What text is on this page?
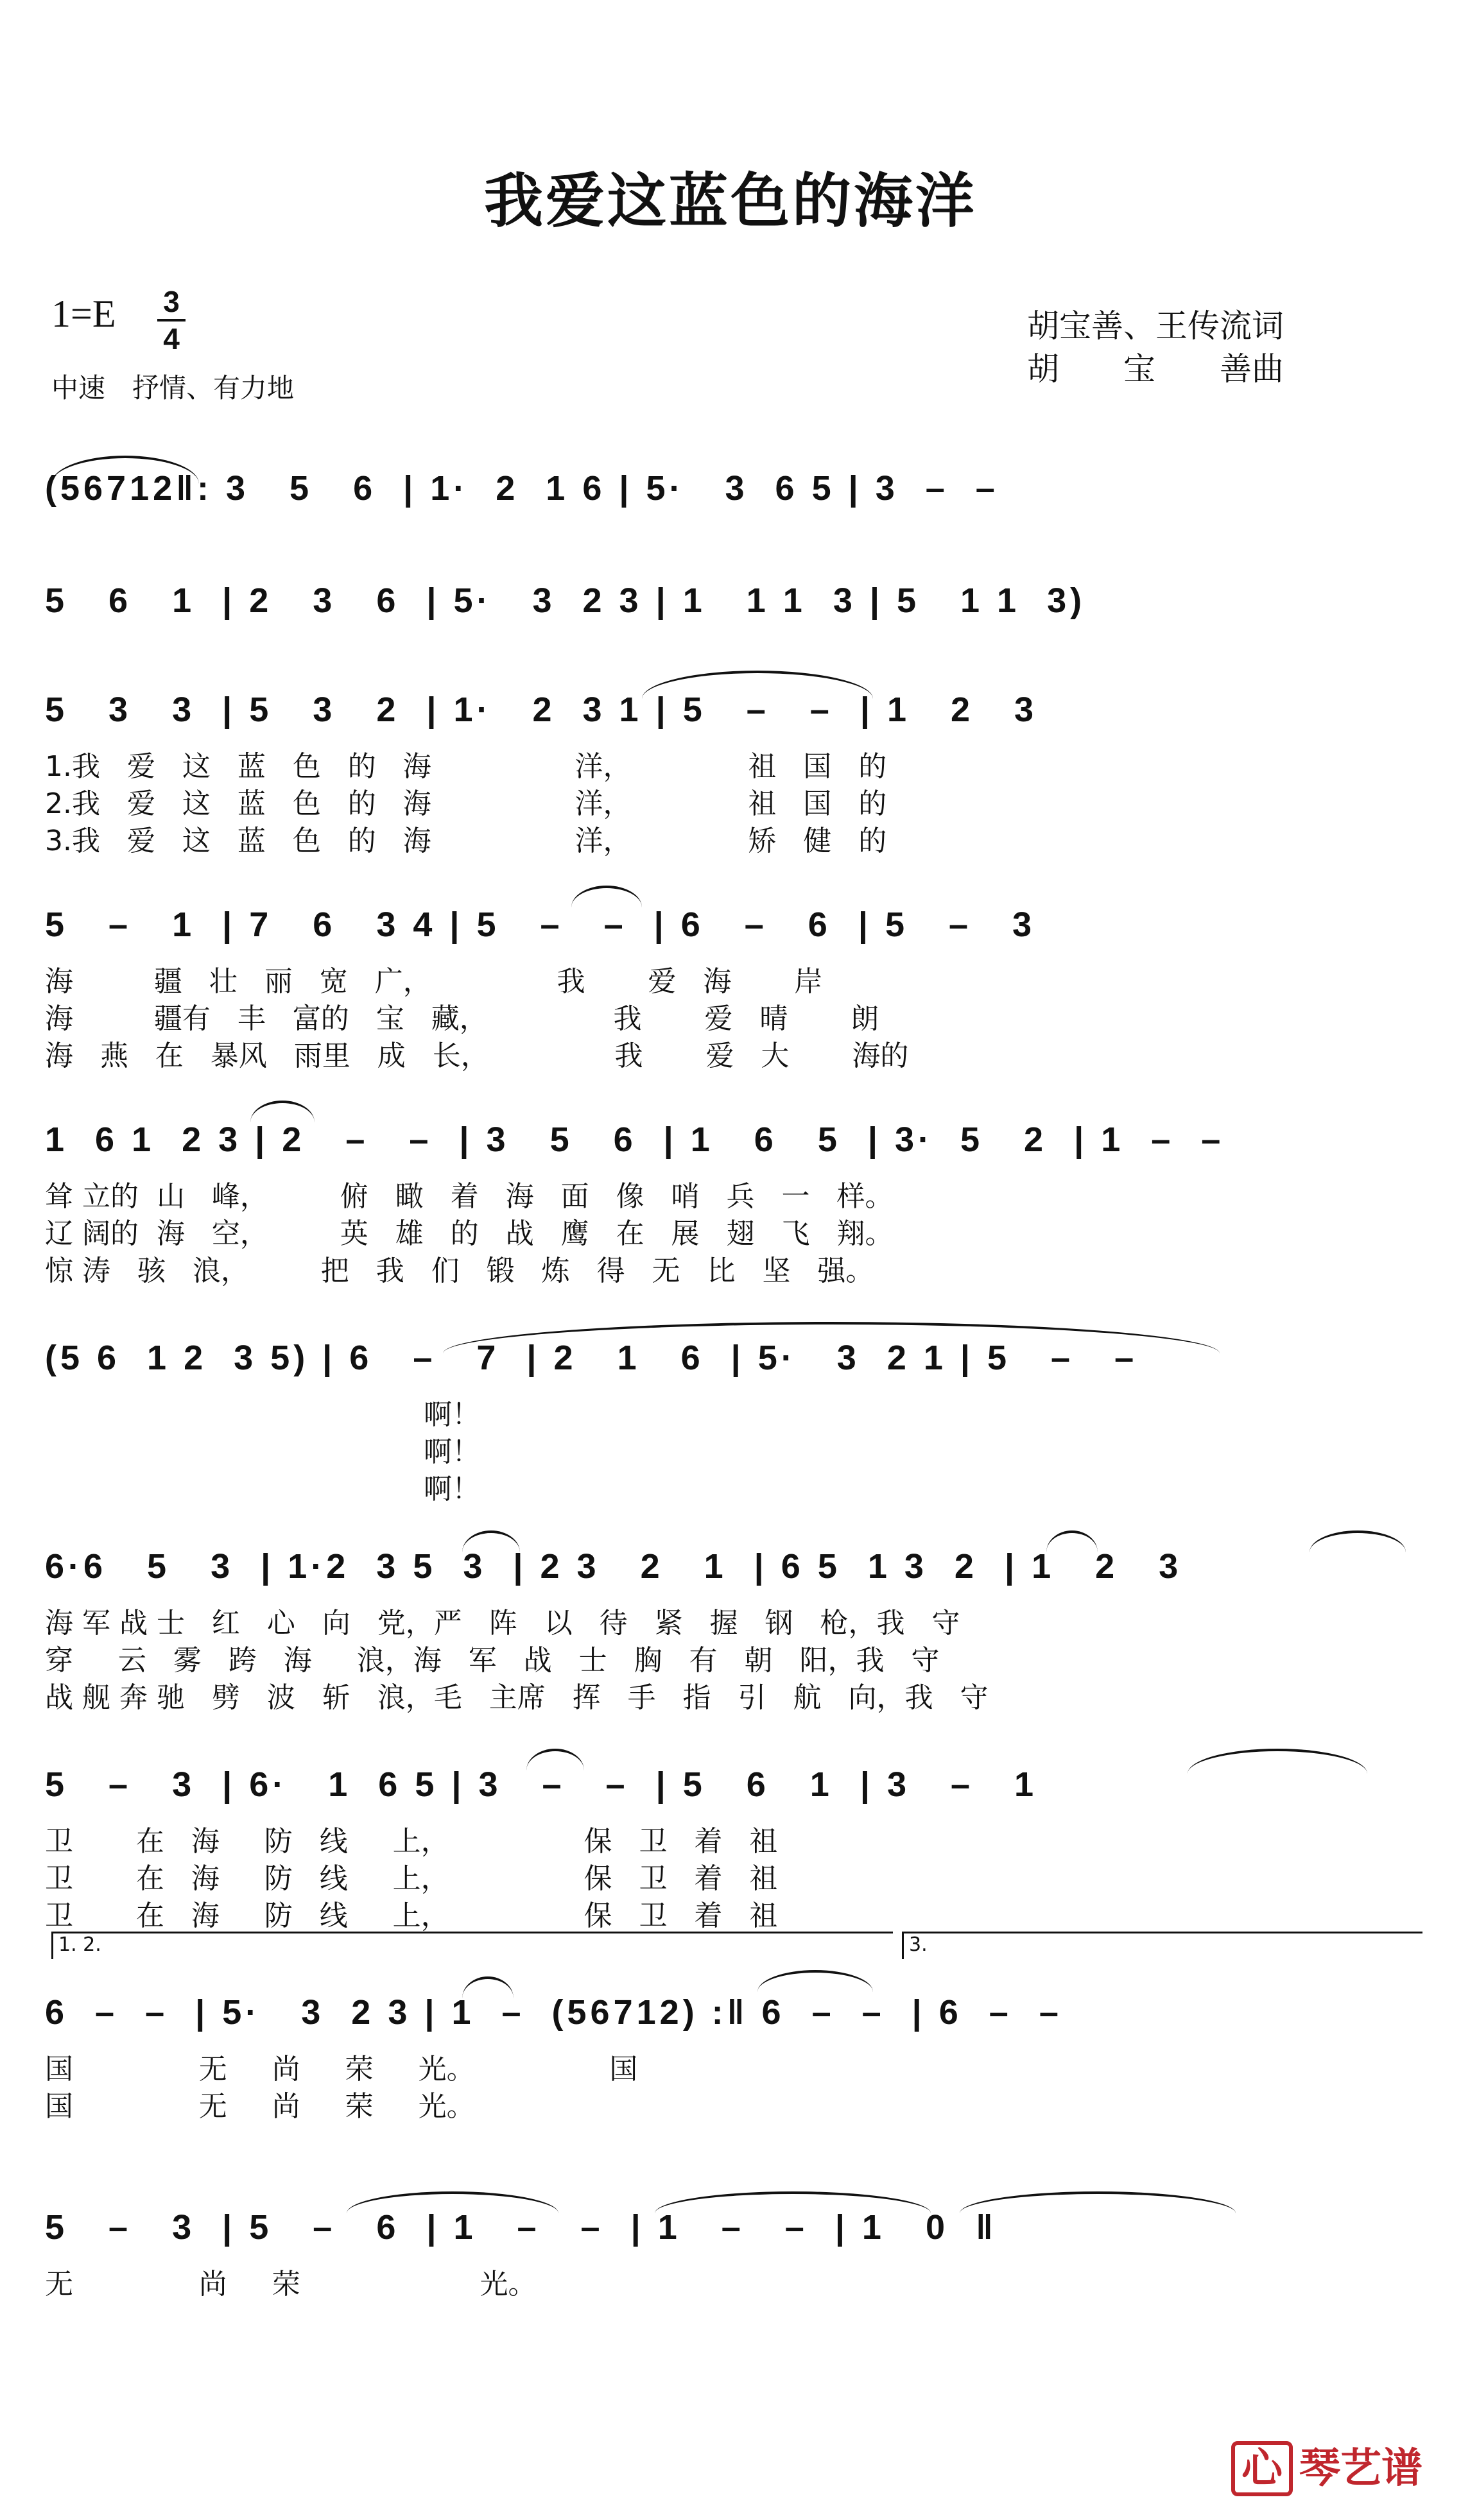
我爱这蓝色的海洋
1=E 3
4
中速　抒情、有力地
胡宝善、王传流词
胡　　宝　　善曲
(56712‖: 3   5   6  | 1·  2  1 6 | 5·   3  6 5 | 3  –  –
5   6   1  | 2   3   6  | 5·   3  2 3 | 1   1 1  3 | 5   1 1  3)
5   3   3  | 5   3   2  | 1·   2  3 1 | 5   –   –  | 1   2   3
1.我   爱   这   蓝   色   的   海                洋，             祖   国   的
2.我   爱   这   蓝   色   的   海                洋，             祖   国   的
3.我   爱   这   蓝   色   的   海                洋，             矫   健   的
5   –   1  | 7   6   3 4 | 5   –   –  | 6   –   6  | 5   –   3
海         疆   壮   丽   宽   广，              我       爱   海       岸
海         疆有   丰   富的   宝   藏，              我       爱   晴       朗
海   燕   在   暴风   雨里   成   长，              我       爱   大       海的
1  6 1  2 3 | 2   –   –  | 3   5   6  | 1   6   5  | 3·  5   2  | 1  –  –
耸 立的  山   峰，        俯   瞰   着   海   面   像   哨   兵   一   样。
辽 阔的  海   空，        英   雄   的   战   鹰   在   展   翅   飞   翔。
惊 涛   骇   浪，        把   我   们   锻   炼   得   无   比   坚   强。
(5 6  1 2  3 5) | 6   –   7  | 2   1   6  | 5·   3  2 1 | 5   –   –
啊！
啊！
啊！
6·6   5   3  | 1·2  3 5  3  | 2 3   2   1  | 6 5  1 3  2  | 1   2   3
海 军 战 士   红   心   向   党，严   阵   以   待   紧   握   钢   枪，我   守
穿     云   雾   跨   海     浪，海   军   战   士   胸   有   朝   阳，我   守
战 舰 奔 驰   劈   波   斩   浪，毛   主席   挥   手   指   引   航   向，我   守
5   –   3  | 6·   1  6 5 | 3   –   –  | 5   6   1  | 3   –   1
卫       在   海     防   线     上，               保   卫   着   祖
卫       在   海     防   线     上，               保   卫   着   祖
卫       在   海     防   线     上，               保   卫   着   祖
6  –  –  | 5·   3  2 3 | 1  –  (56712) :‖ 6  –  –  | 6  –  –
1. 2.	3.
国              无     尚     荣     光。               国
国              无     尚     荣     光。
5   –   3  | 5   –   6  | 1   –   –  | 1   –   –  | 1   0  ‖
无              尚     荣                    光。
心 琴艺谱
